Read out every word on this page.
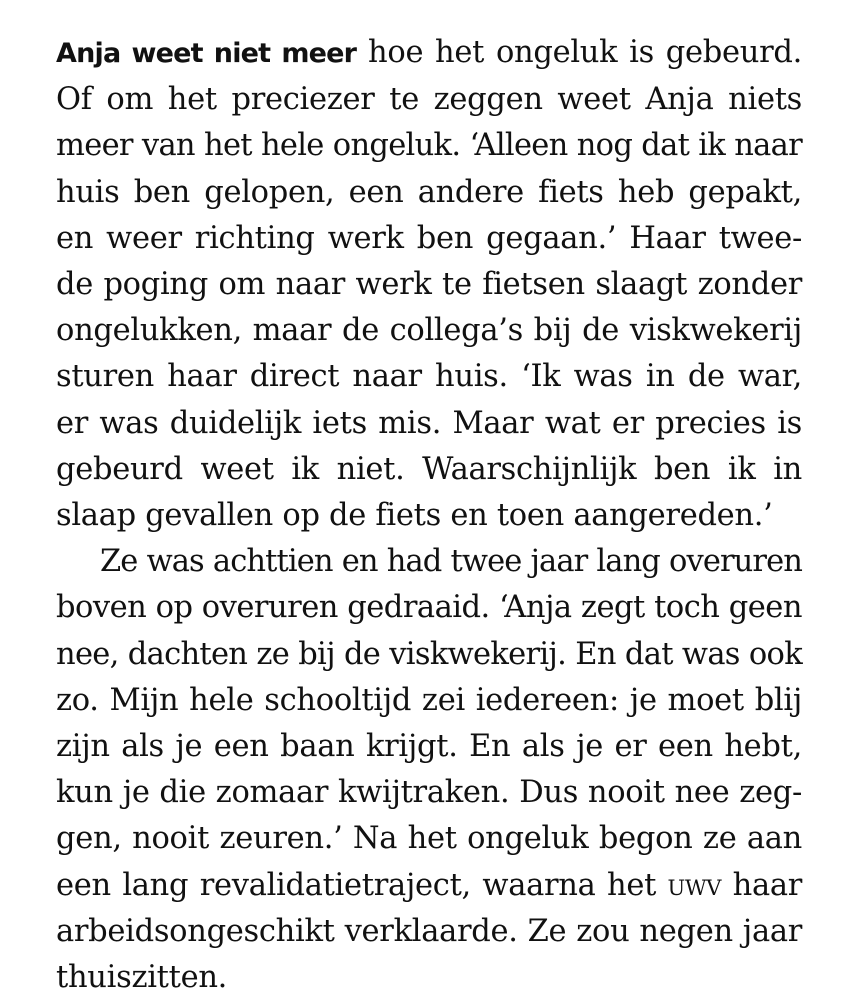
Anja weet niet meer hoe het ongeluk is gebeurd.
Of om het preciezer te zeggen weet Anja niets
meer van het hele ongeluk. ‘Alleen nog dat ik naar
huis ben gelopen, een andere fiets heb gepakt,
en weer richting werk ben gegaan.’ Haar twee-
de poging om naar werk te fietsen slaagt zonder
ongelukken, maar de collega’s bij de viskwekerij
sturen haar direct naar huis. ‘Ik was in de war,
er was duidelijk iets mis. Maar wat er precies is
gebeurd weet ik niet. Waarschijnlijk ben ik in
slaap gevallen op de fiets en toen aangereden.’
Ze was achttien en had twee jaar lang overuren
boven op overuren gedraaid. ‘Anja zegt toch geen
nee, dachten ze bij de viskwekerij. En dat was ook
zo. Mijn hele schooltijd zei iedereen: je moet blij
zijn als je een baan krijgt. En als je er een hebt,
kun je die zomaar kwijtraken. Dus nooit nee zeg-
gen, nooit zeuren.’ Na het ongeluk begon ze aan
een lang revalidatietraject, waarna het uwv haar
arbeidsongeschikt verklaarde. Ze zou negen jaar
thuiszitten.
